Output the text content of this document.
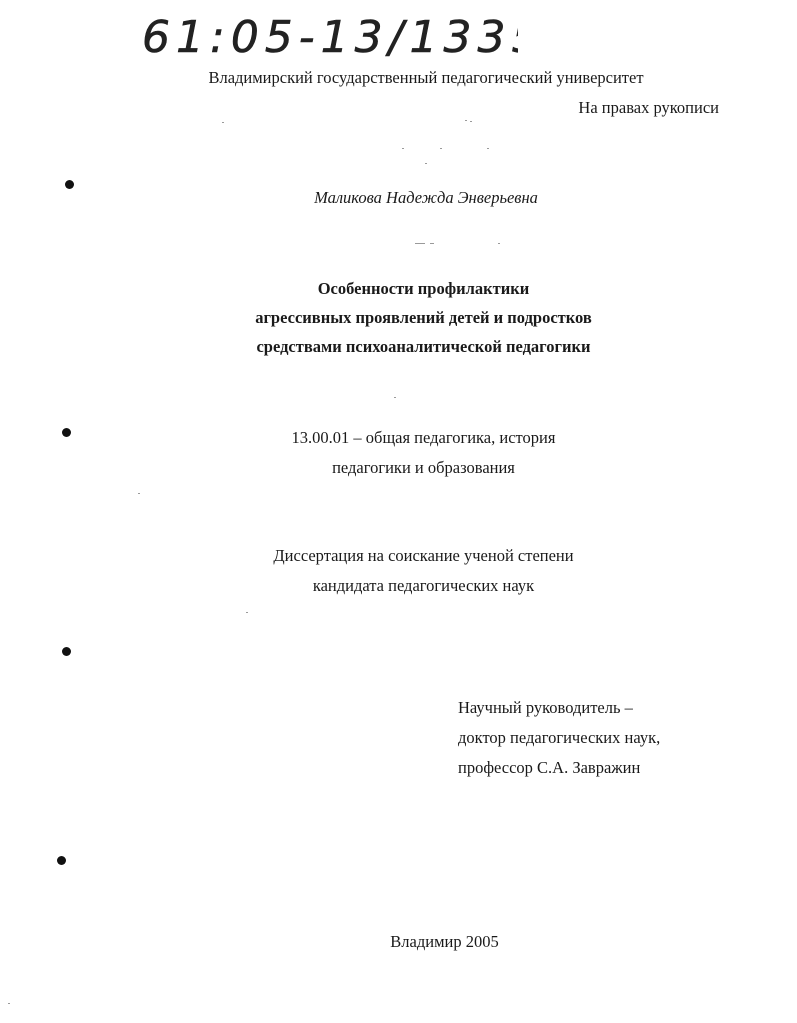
61:05-13/1335
Владимирский государственный педагогический университет
На правах рукописи
Маликова Надежда Энверьевна
Особенности профилактики
агрессивных проявлений детей и подростков
средствами психоаналитической педагогики
13.00.01 – общая педагогика, история
педагогики и образования
Диссертация на соискание ученой степени
кандидата педагогических наук
Научный руководитель –
доктор педагогических наук,
профессор С.А. Завражин
Владимир 2005
